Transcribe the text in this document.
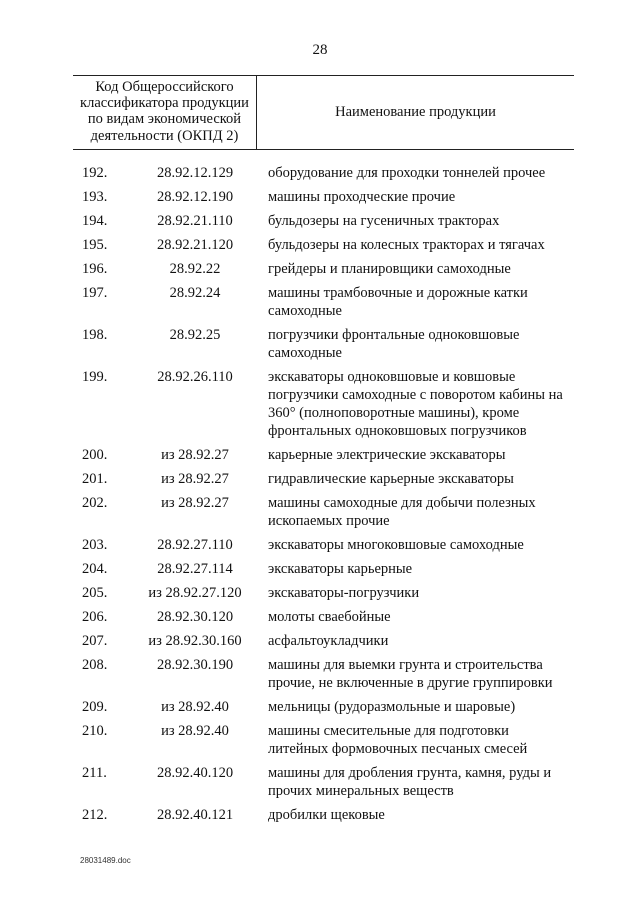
28
Код Общероссийского классификатора продукции по видам экономической деятельности (ОКПД 2)
Наименование продукции
192.	28.92.12.129	оборудование для проходки тоннелей прочее
193.	28.92.12.190	машины проходческие прочие
194.	28.92.21.110	бульдозеры на гусеничных тракторах
195.	28.92.21.120	бульдозеры на колесных тракторах и тягачах
196.	28.92.22	грейдеры и планировщики самоходные
197.	28.92.24	машины трамбовочные и дорожные катки самоходные
198.	28.92.25	погрузчики фронтальные одноковшовые самоходные
199.	28.92.26.110	экскаваторы одноковшовые и ковшовые погрузчики самоходные с поворотом кабины на 360° (полноповоротные машины), кроме фронтальных одноковшовых погрузчиков
200.	из 28.92.27	карьерные электрические экскаваторы
201.	из 28.92.27	гидравлические карьерные экскаваторы
202.	из 28.92.27	машины самоходные для добычи полезных ископаемых прочие
203.	28.92.27.110	экскаваторы многоковшовые самоходные
204.	28.92.27.114	экскаваторы карьерные
205.	из 28.92.27.120	экскаваторы-погрузчики
206.	28.92.30.120	молоты сваебойные
207.	из 28.92.30.160	асфальтоукладчики
208.	28.92.30.190	машины для выемки грунта и строительства прочие, не включенные в другие группировки
209.	из 28.92.40	мельницы (рудоразмольные и шаровые)
210.	из 28.92.40	машины смесительные для подготовки литейных формовочных песчаных смесей
211.	28.92.40.120	машины для дробления грунта, камня, руды и прочих минеральных веществ
212.	28.92.40.121	дробилки щековые
28031489.doc
